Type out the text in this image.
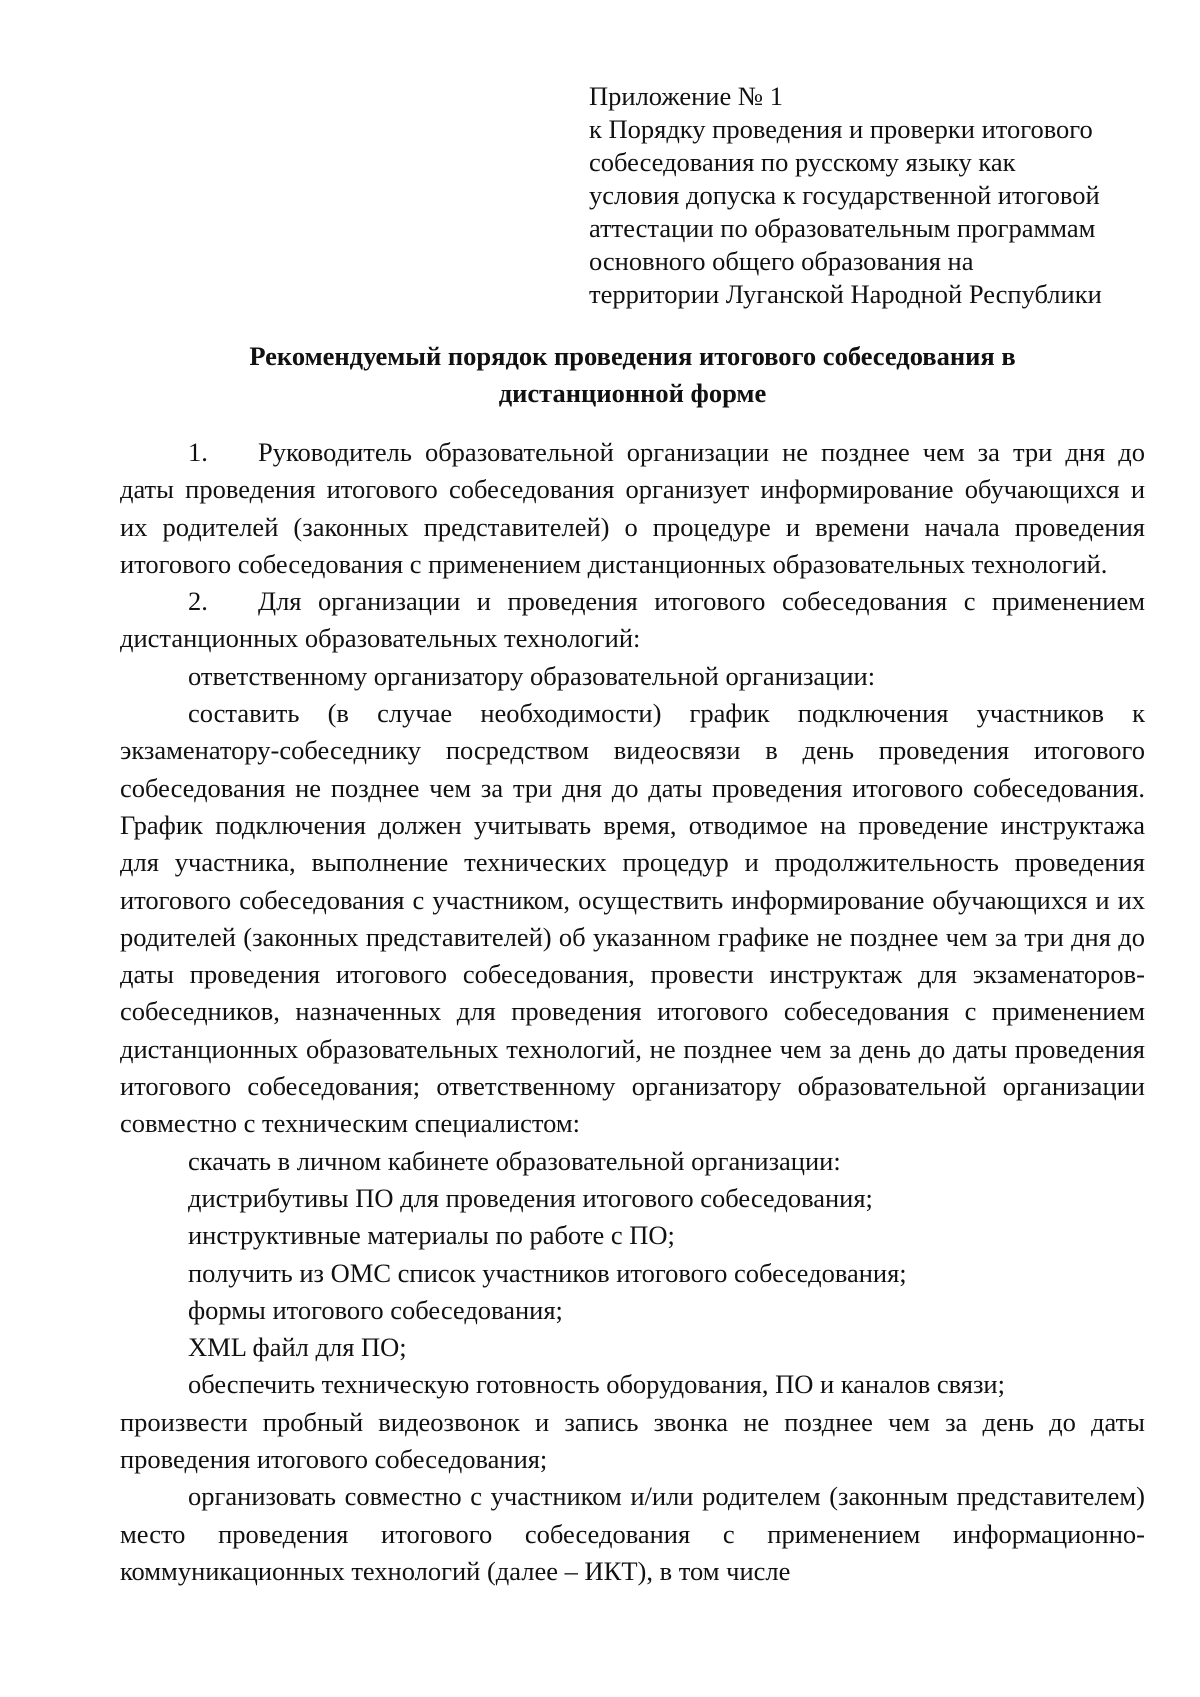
Приложение № 1
к Порядку проведения и проверки итогового
собеседования по русскому языку как
условия допуска к государственной итоговой
аттестации по образовательным программам
основного общего образования на
территории Луганской Народной Республики
Рекомендуемый порядок проведения итогового собеседования в
дистанционной форме

1. Руководитель образовательной организации не позднее чем за три дня до даты проведения итогового собеседования организует информирование обучающихся и их родителей (законных представителей) о процедуре и времени начала проведения итогового собеседования с применением дистанционных образовательных технологий.

2. Для организации и проведения итогового собеседования с применением дистанционных образовательных технологий:

ответственному организатору образовательной организации:

составить (в случае необходимости) график подключения участников к экзаменатору-собеседнику посредством видеосвязи в день проведения итогового собеседования не позднее чем за три дня до даты проведения итогового собеседования. График подключения должен учитывать время, отводимое на проведение инструктажа для участника, выполнение технических процедур и продолжительность проведения итогового собеседования с участником, осуществить информирование обучающихся и их родителей (законных представителей) об указанном графике не позднее чем за три дня до даты проведения итогового собеседования, провести инструктаж для экзаменаторов-собеседников, назначенных для проведения итогового собеседования с применением дистанционных образовательных технологий, не позднее чем за день до даты проведения итогового собеседования; ответственному организатору образовательной организации совместно с техническим специалистом:

скачать в личном кабинете образовательной организации:

дистрибутивы ПО для проведения итогового собеседования;

инструктивные материалы по работе с ПО;

получить из ОМС список участников итогового собеседования;

формы итогового собеседования;

XML файл для ПО;

обеспечить техническую готовность оборудования, ПО и каналов связи;

произвести пробный видеозвонок и запись звонка не позднее чем за день до даты проведения итогового собеседования;

организовать совместно с участником и/или родителем (законным представителем) место проведения итогового собеседования с применением информационно-коммуникационных технологий (далее – ИКТ), в том числе
